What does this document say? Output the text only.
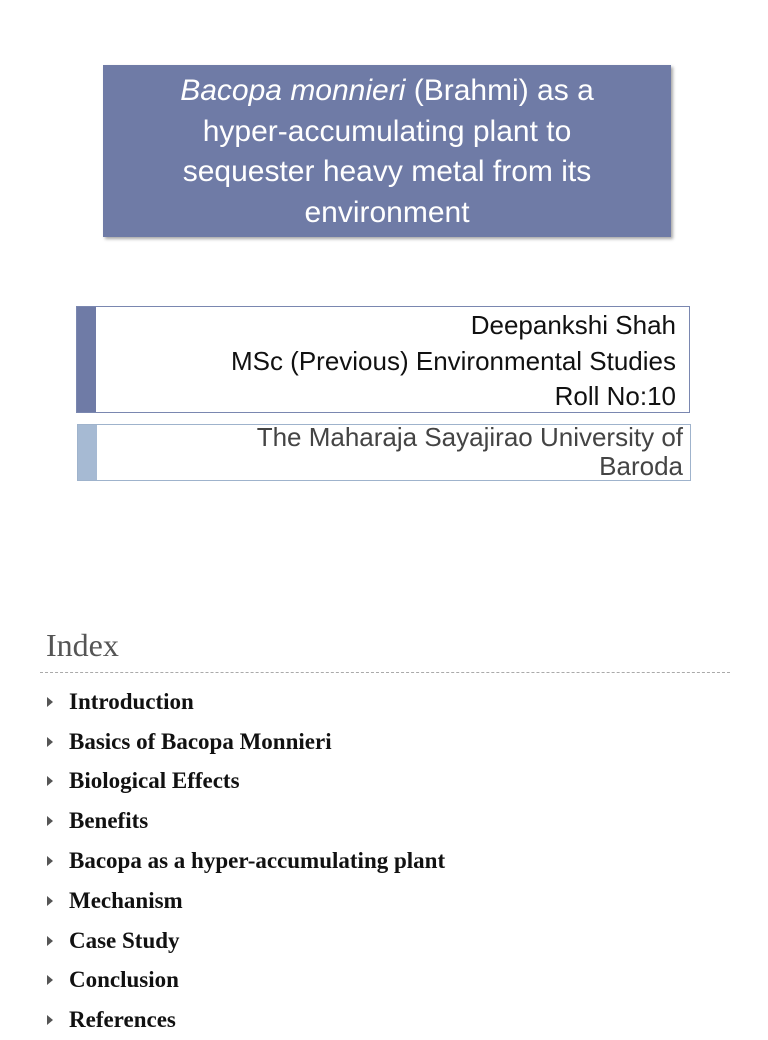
Bacopa monnieri (Brahmi) as a
hyper-accumulating plant to
sequester heavy metal from its
environment
Deepankshi Shah
MSc (Previous) Environmental Studies
Roll No:10
The Maharaja Sayajirao University of
Baroda
Index
Introduction
Basics of Bacopa Monnieri
Biological Effects
Benefits
Bacopa as a hyper-accumulating plant
Mechanism
Case Study
Conclusion
References
